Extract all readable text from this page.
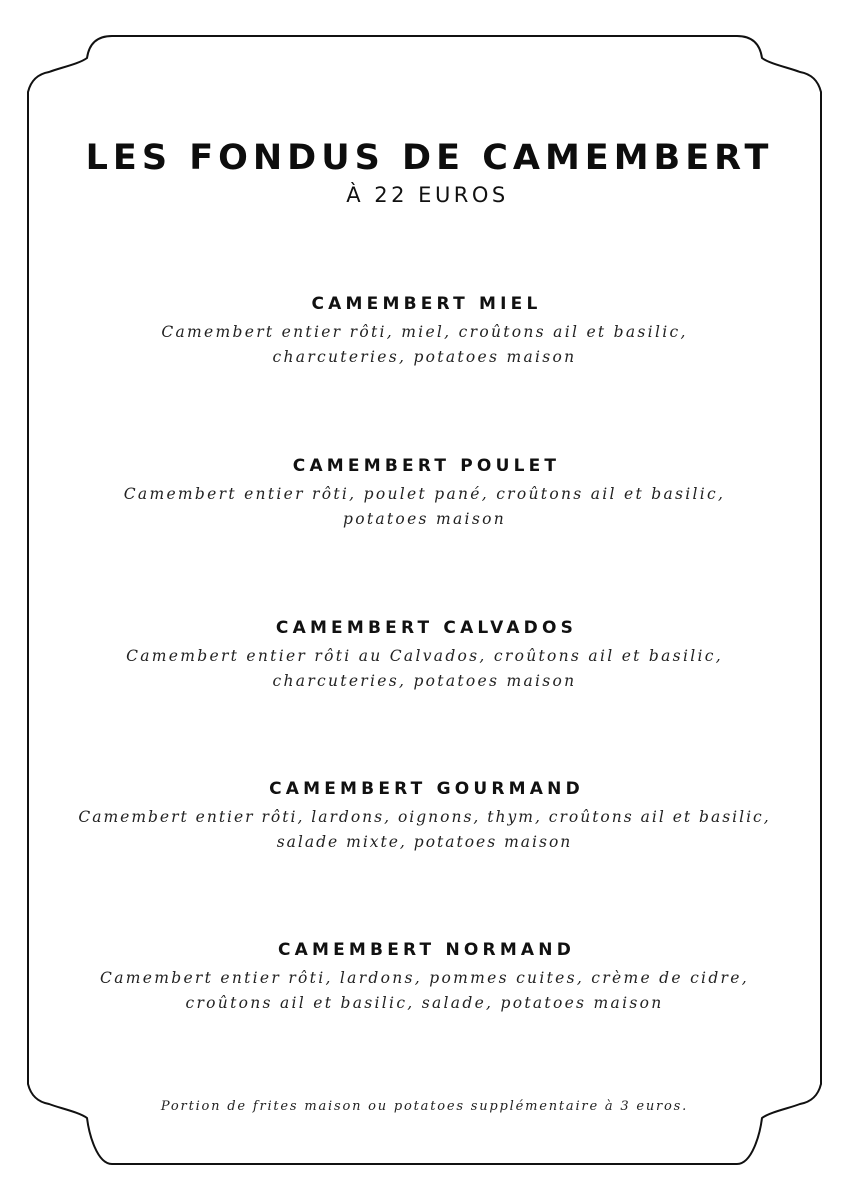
LES FONDUS DE CAMEMBERT
À 22 EUROS
CAMEMBERT MIEL
Camembert entier rôti, miel, croûtons ail et basilic,
charcuteries, potatoes maison
CAMEMBERT POULET
Camembert entier rôti, poulet pané, croûtons ail et basilic,
potatoes maison
CAMEMBERT CALVADOS
Camembert entier rôti au Calvados, croûtons ail et basilic,
charcuteries, potatoes maison
CAMEMBERT GOURMAND
Camembert entier rôti, lardons, oignons, thym, croûtons ail et basilic,
salade mixte, potatoes maison
CAMEMBERT NORMAND
Camembert entier rôti, lardons, pommes cuites, crème de cidre,
croûtons ail et basilic, salade, potatoes maison
Portion de frites maison ou potatoes supplémentaire à 3 euros.
